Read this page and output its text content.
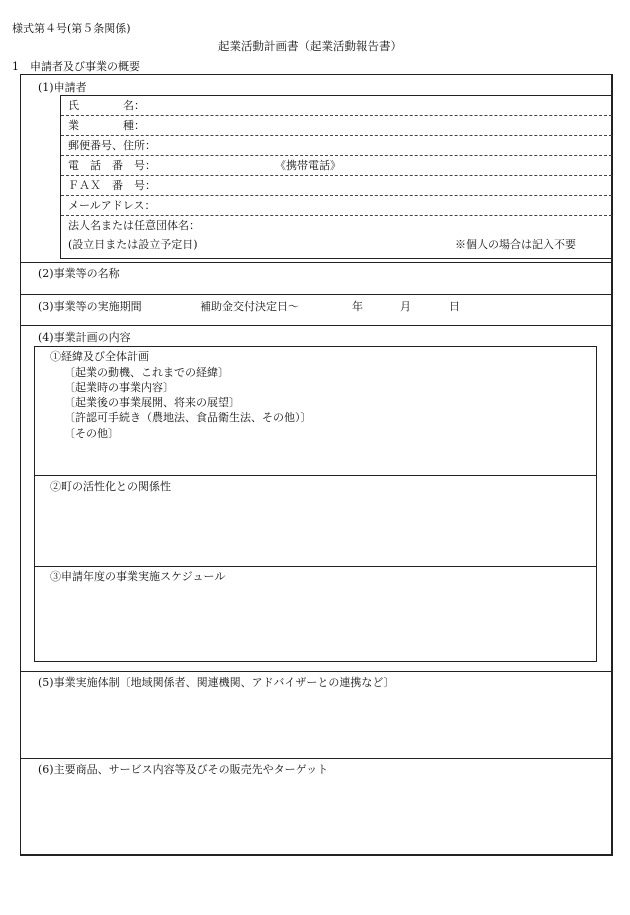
様式第４号(第５条関係)
起業活動計画書（起業活動報告書）
1　申請者及び事業の概要
(1)申請者
氏　　　　名：
業　　　　種：
郵便番号、住所：
電　話　番　号：	《携帯電話》
ＦＡＸ　番　号：
メールアドレス：
法人名または任意団体名：
(設立日または設立予定日)	※個人の場合は記入不要
(2)事業等の名称
(3)事業等の実施期間	補助金交付決定日～	年	月	日
(4)事業計画の内容
①経緯及び全体計画
〔起業の動機、これまでの経緯〕
〔起業時の事業内容〕
〔起業後の事業展開、将来の展望〕
〔許認可手続き（農地法、食品衛生法、その他）〕
〔その他〕
②町の活性化との関係性
③申請年度の事業実施スケジュール
(5)事業実施体制〔地域関係者、関連機関、アドバイザーとの連携など〕
(6)主要商品、サービス内容等及びその販売先やターゲット
